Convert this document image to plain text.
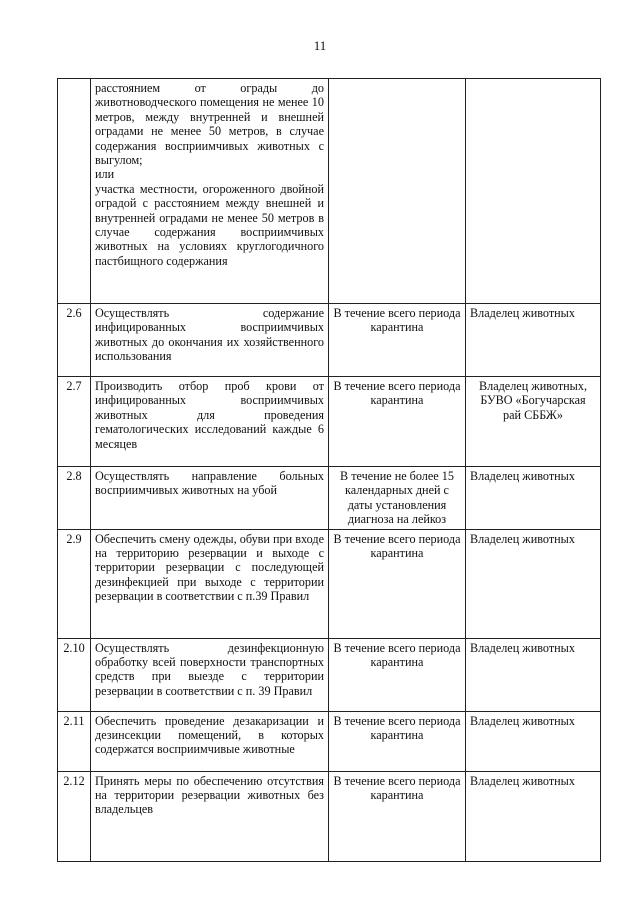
11
	расстоянием от ограды до животноводческого помещения не менее 10 метров, между внутренней и внешней оградами не менее 50 метров, в случае содержания восприимчивых животных с выгулом;
или
участка местности, огороженного двойной оградой с расстоянием между внешней и внутренней оградами не менее 50 метров в случае содержания восприимчивых животных на условиях круглогодичного пастбищного содержания		
2.6	Осуществлять содержание инфицированных восприимчивых животных до окончания их хозяйственного использования	В течение всего периода карантина	Владелец животных
2.7	Производить отбор проб крови от инфицированных восприимчивых животных для проведения гематологических исследований каждые 6 месяцев	В течение всего периода карантина	Владелец животных, БУВО «Богучарская рай СББЖ»
2.8	Осуществлять направление больных восприимчивых животных на убой	В течение не более 15 календарных дней с даты установления диагноза на лейкоз	Владелец животных
2.9	Обеспечить смену одежды, обуви при входе на территорию резервации и выходе с территории резервации с последующей дезинфекцией при выходе с территории резервации в соответствии с п.39 Правил	В течение всего периода карантина	Владелец животных
2.10	Осуществлять дезинфекционную обработку всей поверхности транспортных средств при выезде с территории резервации в соответствии с п. 39 Правил	В течение всего периода карантина	Владелец животных
2.11	Обеспечить проведение дезакаризации и дезинсекции помещений, в которых содержатся восприимчивые животные	В течение всего периода карантина	Владелец животных
2.12	Принять меры по обеспечению отсутствия на территории резервации животных без владельцев	В течение всего периода карантина	Владелец животных
